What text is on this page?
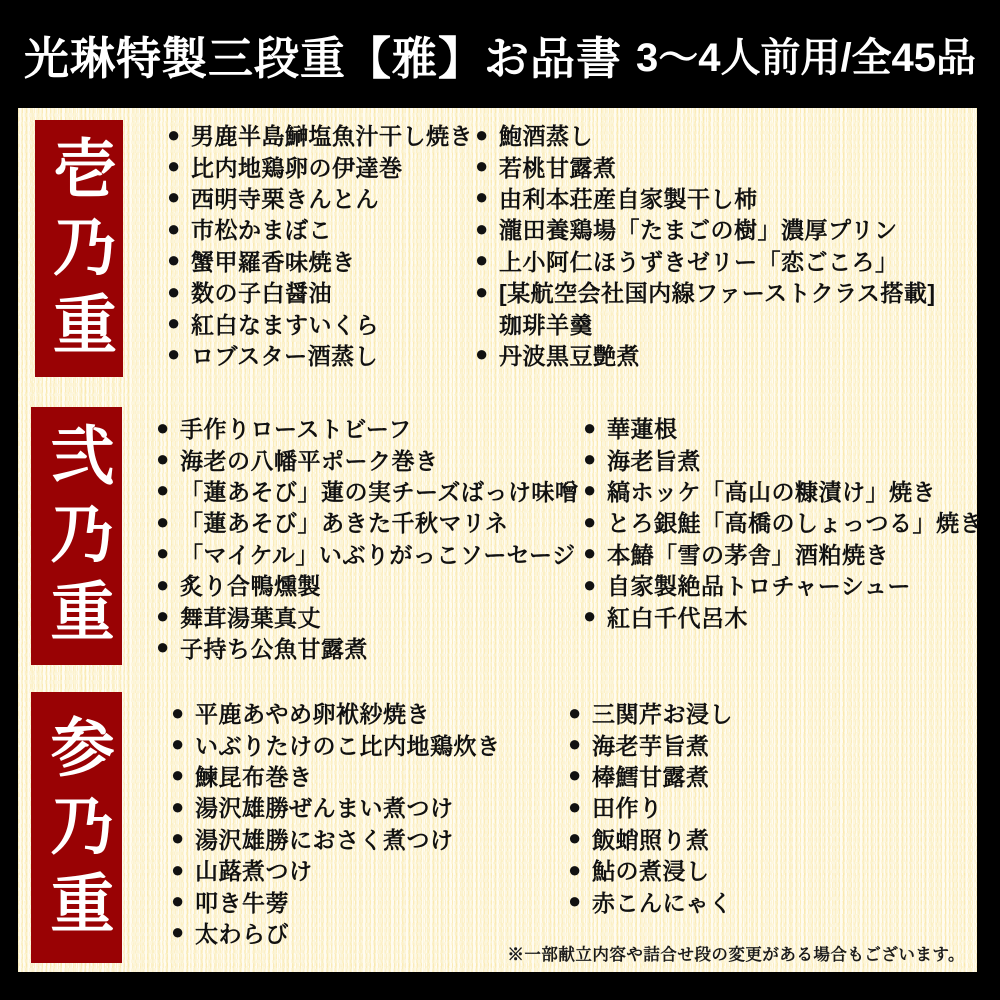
光琳特製三段重【雅】お品書 3〜4人前用/全45品
壱乃重
● 男鹿半島鰰塩魚汁干し焼き
● 比内地鶏卵の伊達巻
● 西明寺栗きんとん
● 市松かまぼこ
● 蟹甲羅香味焼き
● 数の子白醤油
● 紅白なますいくら
● ロブスター酒蒸し
● 鮑酒蒸し
● 若桃甘露煮
● 由利本荘産自家製干し柿
● 瀧田養鶏場「たまごの樹」濃厚プリン
● 上小阿仁ほうずきゼリー「恋ごころ」
● [某航空会社国内線ファーストクラス搭載]
珈琲羊羹
● 丹波黒豆艶煮
弐乃重 ● 手作りローストビーフ
● 海老の八幡平ポーク巻き
● 「蓮あそび」蓮の実チーズばっけ味噌
● 「蓮あそび」あきた千秋マリネ
● 「マイケル」いぶりがっこソーセージ
● 炙り合鴨燻製
● 舞茸湯葉真丈
● 子持ち公魚甘露煮
● 華蓮根
● 海老旨煮
● 縞ホッケ「高山の糠漬け」焼き
● とろ銀鮭「高橋のしょっつる」焼き
● 本鰆「雪の茅舎」酒粕焼き
● 自家製絶品トロチャーシュー
● 紅白千代呂木
参乃重
● 平鹿あやめ卵袱紗焼き
● いぶりたけのこ比内地鶏炊き
● 鰊昆布巻き
● 湯沢雄勝ぜんまい煮つけ
● 湯沢雄勝におさく煮つけ
● 山蕗煮つけ
● 叩き牛蒡
● 太わらび
● 三関芹お浸し
● 海老芋旨煮
● 棒鱈甘露煮
● 田作り
● 飯蛸照り煮
● 鮎の煮浸し
● 赤こんにゃく
※一部献立内容や詰合せ段の変更がある場合もございます。
